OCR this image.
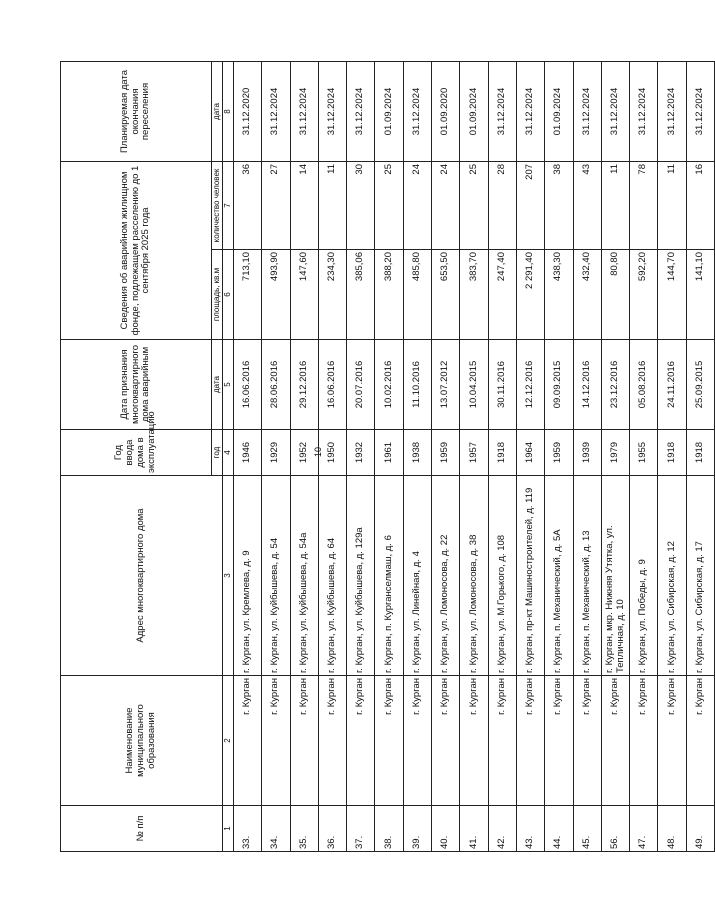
10
№ п/п	Наименование муниципального образования	Адрес многоквартирного дома	Год ввода дома в эксплуатацию	Дата признания многоквартирного дома аварийным	Сведения об аварийном жилищном фонде, подлежащем расселению до 1 сентября 2025 года		Планируемая дата окончания переселения
			год	дата	площадь, кв.м	количество человек	дата
1	2	3	4	5	6	7	8
33.	г. Курган	г. Курган, ул. Кремлева, д. 9	1946	16.06.2016	713,10	36	31.12.2020
34.	г. Курган	г. Курган, ул. Куйбышева, д. 54	1929	28.06.2016	493,90	27	31.12.2024
35.	г. Курган	г. Курган, ул. Куйбышева, д. 54а	1952	29.12.2016	147,60	14	31.12.2024
36.	г. Курган	г. Курган, ул. Куйбышева, д. 64	1950	16.06.2016	234,30	11	31.12.2024
37.	г. Курган	г. Курган, ул. Куйбышева, д. 129а	1932	20.07.2016	385,06	30	31.12.2024
38.	г. Курган	г. Курган, п. Курганселмаш, д. 6	1961	10.02.2016	388,20	25	01.09.2024
39.	г. Курган	г. Курган, ул. Линейная, д. 4	1938	11.10.2016	485,80	24	31.12.2024
40.	г. Курган	г. Курган, ул. Ломоносова, д. 22	1959	13.07.2012	653,50	24	01.09.2020
41.	г. Курган	г. Курган, ул. Ломоносова, д. 38	1957	10.04.2015	383,70	25	01.09.2024
42.	г. Курган	г. Курган, ул. М.Горького, д. 108	1918	30.11.2016	247,40	28	31.12.2024
43.	г. Курган	г. Курган, пр-кт Машиностроителей, д. 119	1964	12.12.2016	2 291,40	207	31.12.2024
44.	г. Курган	г. Курган, п. Механический, д. 5А	1959	09.09.2015	438,30	38	01.09.2024
45.	г. Курган	г. Курган, п. Механический, д. 13	1939	14.12.2016	432,40	43	31.12.2024
56.	г. Курган	г. Курган, мкр. Нижняя Утятка, ул. Тепличная, д. 10	1979	23.12.2016	80,80	11	31.12.2024
47.	г. Курган	г. Курган, ул. Победы, д. 9	1955	05.08.2016	592,20	78	31.12.2024
48.	г. Курган	г. Курган, ул. Сибирская, д. 12	1918	24.11.2016	144,70	11	31.12.2024
49.	г. Курган	г. Курган, ул. Сибирская, д. 17	1918	25.09.2015	141,10	16	31.12.2024
